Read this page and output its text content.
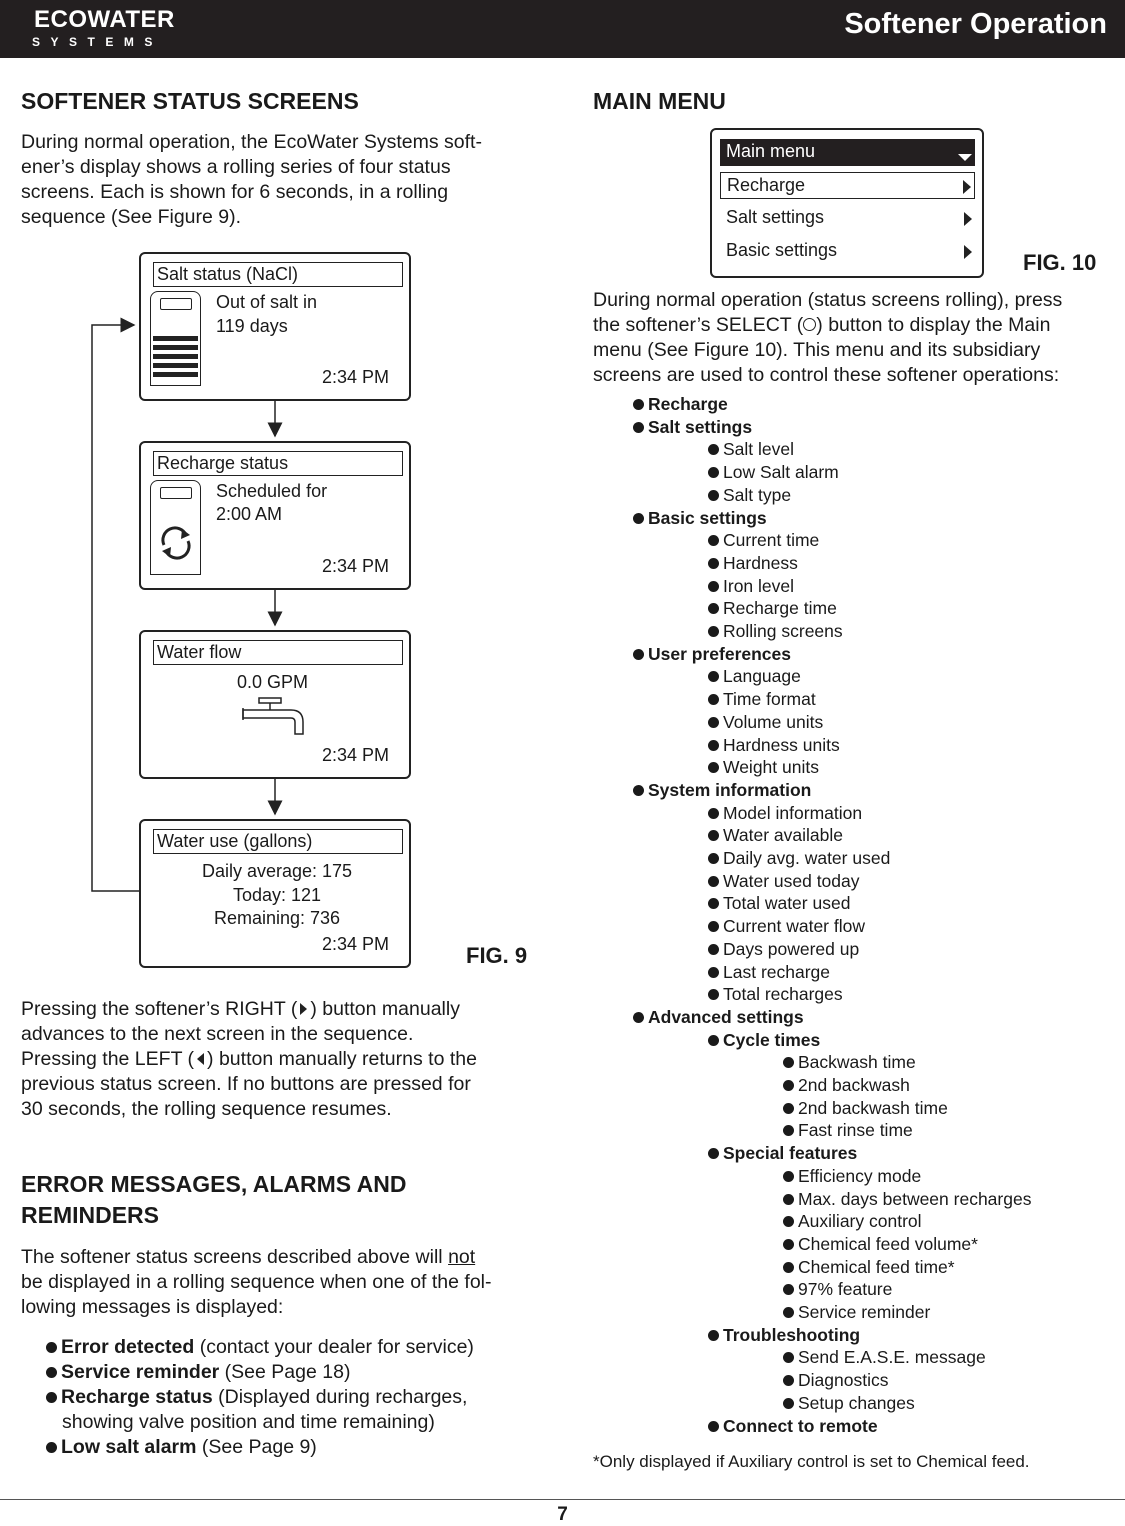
ECOWATER
SYSTEMS
Softener Operation
SOFTENER STATUS SCREENS
During normal operation, the EcoWater Systems soft-
ener’s display shows a rolling series of four status
screens. Each is shown for 6 seconds, in a rolling
sequence (See Figure 9).
Salt status (NaCl)
Out of salt in
119 days
2:34 PM
Recharge status
Scheduled for
2:00 AM
2:34 PM
Water flow
0.0 GPM
2:34 PM
Water use (gallons)
Daily average: 175
Today: 121
Remaining: 736
2:34 PM	FIG. 9
Pressing the softener’s RIGHT ( ) button manually
advances to the next screen in the sequence.
Pressing the LEFT ( ) button manually returns to the
previous status screen. If no buttons are pressed for
30 seconds, the rolling sequence resumes.
ERROR MESSAGES, ALARMS AND
REMINDERS
The softener status screens described above will not
be displayed in a rolling sequence when one of the fol-
lowing messages is displayed:
Error detected (contact your dealer for service)
Service reminder (See Page 18)
Recharge status (Displayed during recharges,
showing valve position and time remaining)
Low salt alarm (See Page 9)
MAIN MENU
Main menu
Recharge
Salt settings
Basic settings	FIG. 10
During normal operation (status screens rolling), press
the softener’s SELECT ( ) button to display the Main
menu (See Figure 10). This menu and its subsidiary
screens are used to control these softener operations:
Recharge
Salt settings
Salt level
Low Salt alarm
Salt type
Basic settings
Current time
Hardness
Iron level
Recharge time
Rolling screens
User preferences
Language
Time format
Volume units
Hardness units
Weight units
System information
Model information
Water available
Daily avg. water used
Water used today
Total water used
Current water flow
Days powered up
Last recharge
Total recharges
Advanced settings
Cycle times
Backwash time
2nd backwash
2nd backwash time
Fast rinse time
Special features
Efficiency mode
Max. days between recharges
Auxiliary control
Chemical feed volume*
Chemical feed time*
97% feature
Service reminder
Troubleshooting
Send E.A.S.E. message
Diagnostics
Setup changes
Connect to remote
*Only displayed if Auxiliary control is set to Chemical feed.
7
